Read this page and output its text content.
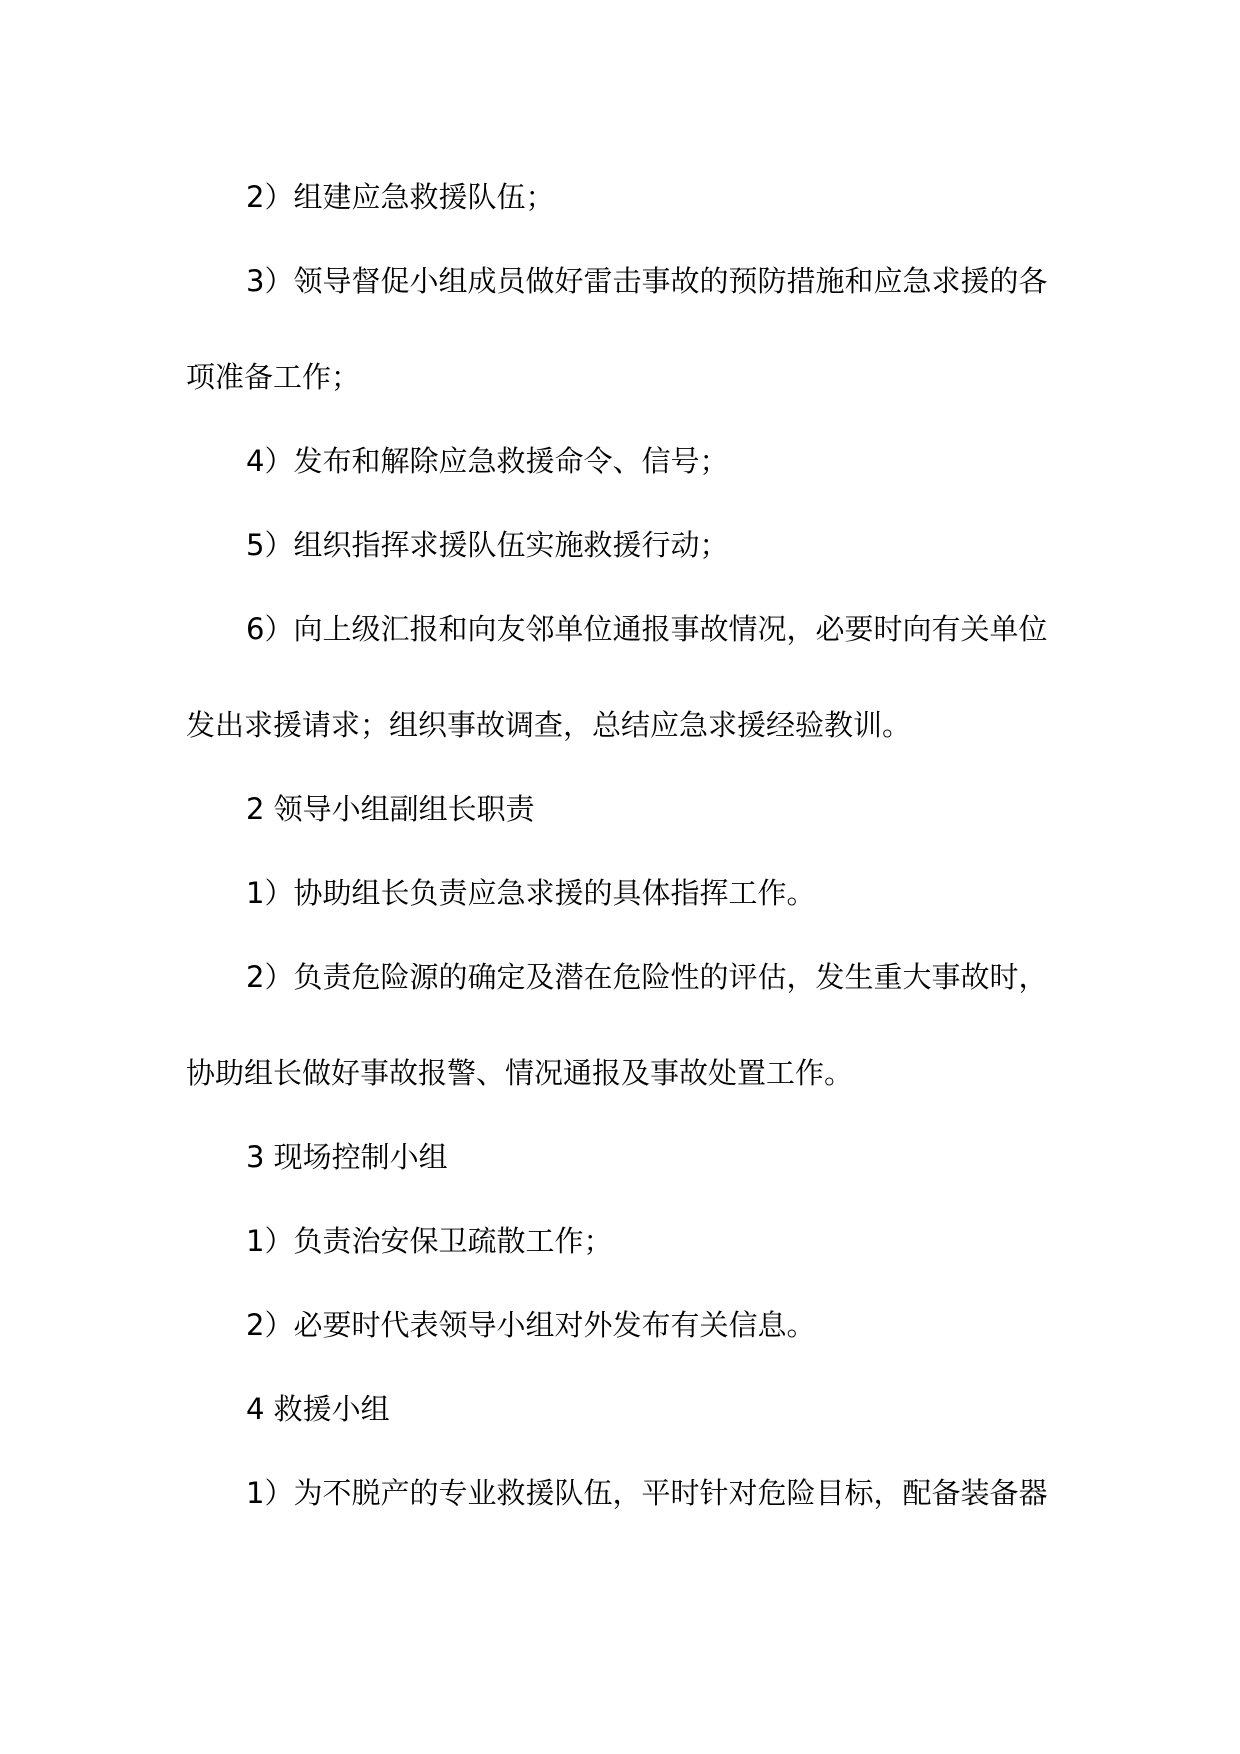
2）组建应急救援队伍；

3）领导督促小组成员做好雷击事故的预防措施和应急求援的各

项准备工作；

4）发布和解除应急救援命令、信号；

5）组织指挥求援队伍实施救援行动；

6）向上级汇报和向友邻单位通报事故情况，必要时向有关单位

发出求援请求；组织事故调查，总结应急求援经验教训。

2 领导小组副组长职责

1）协助组长负责应急求援的具体指挥工作。

2）负责危险源的确定及潜在危险性的评估，发生重大事故时，

协助组长做好事故报警、情况通报及事故处置工作。

3 现场控制小组

1）负责治安保卫疏散工作；

2）必要时代表领导小组对外发布有关信息。

4 救援小组

1）为不脱产的专业救援队伍，平时针对危险目标，配备装备器
